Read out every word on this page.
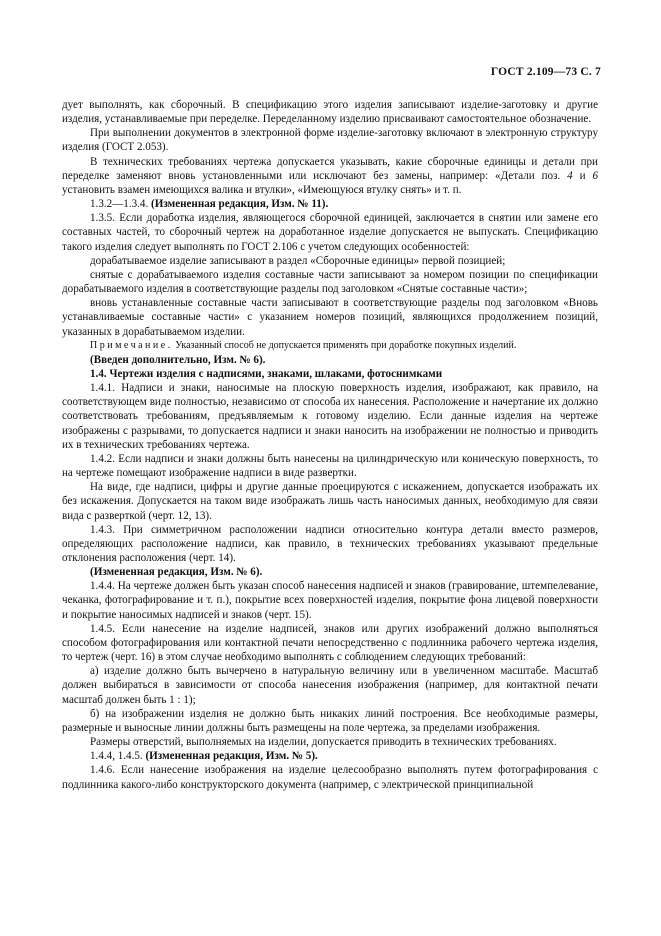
ГОСТ 2.109—73 С. 7

дует выполнять, как сборочный. В спецификацию этого изделия записывают изделие-заготовку и другие изделия, устанавливаемые при переделке. Переделанному изделию присваивают самостоятельное обозначение.

При выполнении документов в электронной форме изделие-заготовку включают в электронную структуру изделия (ГОСТ 2.053).

В технических требованиях чертежа допускается указывать, какие сборочные единицы и детали при переделке заменяют вновь установленными или исключают без замены, например: «Детали поз. 4 и 6 установить взамен имеющихся валика и втулки», «Имеющуюся втулку снять» и т. п.

1.3.2—1.3.4. (Измененная редакция, Изм. № 11).

1.3.5. Если доработка изделия, являющегося сборочной единицей, заключается в снятии или замене его составных частей, то сборочный чертеж на доработанное изделие допускается не выпускать. Спецификацию такого изделия следует выполнять по ГОСТ 2.106 с учетом следующих особенностей:

дорабатываемое изделие записывают в раздел «Сборочные единицы» первой позицией;

снятые с дорабатываемого изделия составные части записывают за номером позиции по спецификации дорабатываемого изделия в соответствующие разделы под заголовком «Снятые составные части»;

вновь устанавленные составные части записывают в соответствующие разделы под заголовком «Вновь устанавливаемые составные части» с указанием номеров позиций, являющихся продолжением позиций, указанных в дорабатываемом изделии.

Примечание. Указанный способ не допускается применять при доработке покупных изделий.

(Введен дополнительно, Изм. № 6).

1.4. Чертежи изделия с надписями, знаками, шлаками, фотоснимками

1.4.1. Надписи и знаки, наносимые на плоскую поверхность изделия, изображают, как правило, на соответствующем виде полностью, независимо от способа их нанесения. Расположение и начертание их должно соответствовать требованиям, предъявляемым к готовому изделию. Если данные изделия на чертеже изображены с разрывами, то допускается надписи и знаки наносить на изображении не полностью и приводить их в технических требованиях чертежа.

1.4.2. Если надписи и знаки должны быть нанесены на цилиндрическую или коническую поверхность, то на чертеже помещают изображение надписи в виде развертки.

На виде, где надписи, цифры и другие данные проецируются с искажением, допускается изображать их без искажения. Допускается на таком виде изображать лишь часть наносимых данных, необходимую для связи вида с разверткой (черт. 12, 13).

1.4.3. При симметричном расположении надписи относительно контура детали вместо размеров, определяющих расположение надписи, как правило, в технических требованиях указывают предельные отклонения расположения (черт. 14).

(Измененная редакция, Изм. № 6).

1.4.4. На чертеже должен быть указан способ нанесения надписей и знаков (гравирование, штемпелевание, чеканка, фотографирование и т. п.), покрытие всех поверхностей изделия, покрытие фона лицевой поверхности и покрытие наносимых надписей и знаков (черт. 15).

1.4.5. Если нанесение на изделие надписей, знаков или других изображений должно выполняться способом фотографирования или контактной печати непосредственно с подлинника рабочего чертежа изделия, то чертеж (черт. 16) в этом случае необходимо выполнять с соблюдением следующих требований:

а) изделие должно быть вычерчено в натуральную величину или в увеличенном масштабе. Масштаб должен выбираться в зависимости от способа нанесения изображения (например, для контактной печати масштаб должен быть 1 : 1);

б) на изображении изделия не должно быть никаких линий построения. Все необходимые размеры, размерные и выносные линии должны быть размещены на поле чертежа, за пределами изображения.

Размеры отверстий, выполняемых на изделии, допускается приводить в технических требованиях.

1.4.4, 1.4.5. (Измененная редакция, Изм. № 5).

1.4.6. Если нанесение изображения на изделие целесообразно выполнять путем фотографирования с подлинника какого-либо конструкторского документа (например, с электрической принципиальной
